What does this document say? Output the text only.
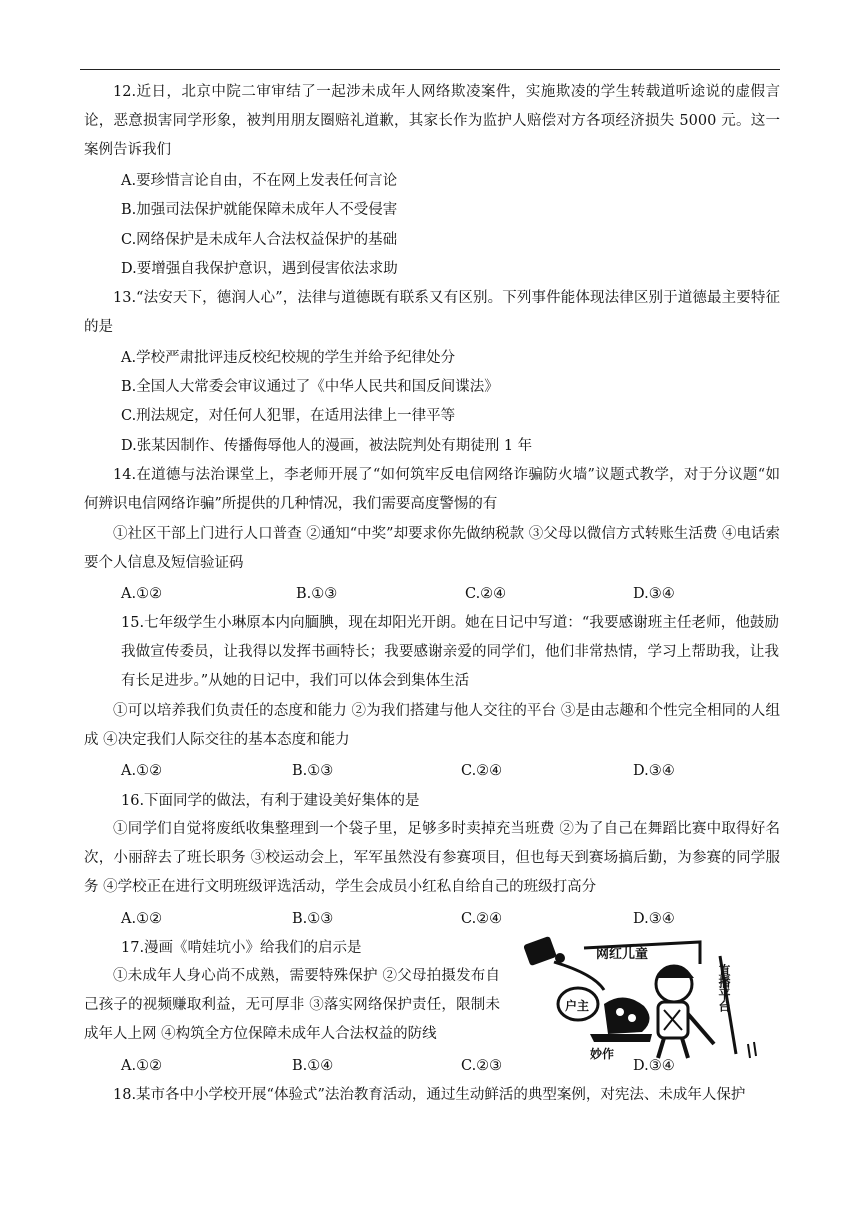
12.近日，北京中院二审审结了一起涉未成年人网络欺凌案件，实施欺凌的学生转载道听途说的虚假言论，恶意损害同学形象，被判用朋友圈赔礼道歉，其家长作为监护人赔偿对方各项经济损失 5000 元。这一案例告诉我们
A.要珍惜言论自由，不在网上发表任何言论
B.加强司法保护就能保障未成年人不受侵害
C.网络保护是未成年人合法权益保护的基础
D.要增强自我保护意识，遇到侵害依法求助
13.“法安天下，德润人心”，法律与道德既有联系又有区别。下列事件能体现法律区别于道德最主要特征的是
A.学校严肃批评违反校纪校规的学生并给予纪律处分
B.全国人大常委会审议通过了《中华人民共和国反间谍法》
C.刑法规定，对任何人犯罪，在适用法律上一律平等
D.张某因制作、传播侮辱他人的漫画，被法院判处有期徒刑 1 年
14.在道德与法治课堂上，李老师开展了“如何筑牢反电信网络诈骗防火墙”议题式教学，对于分议题“如何辨识电信网络诈骗”所提供的几种情况，我们需要高度警惕的有
①社区干部上门进行人口普查 ②通知“中奖”却要求你先做纳税款 ③父母以微信方式转账生活费 ④电话索要个人信息及短信验证码
A.①②	B.①③	C.②④	D.③④
15.七年级学生小琳原本内向腼腆，现在却阳光开朗。她在日记中写道：“我要感谢班主任老师，他鼓励我做宣传委员，让我得以发挥书画特长；我要感谢亲爱的同学们，他们非常热情，学习上帮助我，让我有长足进步。”从她的日记中，我们可以体会到集体生活
①可以培养我们负责任的态度和能力 ②为我们搭建与他人交往的平台 ③是由志趣和个性完全相同的人组成 ④决定我们人际交往的基本态度和能力
A.①②	B.①③	C.②④	D.③④
16.下面同学的做法，有利于建设美好集体的是
①同学们自觉将废纸收集整理到一个袋子里，足够多时卖掉充当班费 ②为了自己在舞蹈比赛中取得好名次，小丽辞去了班长职务 ③校运动会上，军军虽然没有参赛项目，但也每天到赛场搞后勤，为参赛的同学服务 ④学校正在进行文明班级评选活动，学生会成员小红私自给自己的班级打高分
A.①②	B.①③	C.②④	D.③④
17.漫画《啃娃坑小》给我们的启示是
①未成年人身心尚不成熟，需要特殊保护 ②父母拍摄发布自己孩子的视频赚取利益，无可厚非 ③落实网络保护责任，限制未成年人上网 ④构筑全方位保障未成年人合法权益的防线
A.①②	B.①④	C.②③	D.③④
网红儿童
户主	直播平台
妙作
18.某市各中小学校开展“体验式”法治教育活动，通过生动鲜活的典型案例，对宪法、未成年人保护
